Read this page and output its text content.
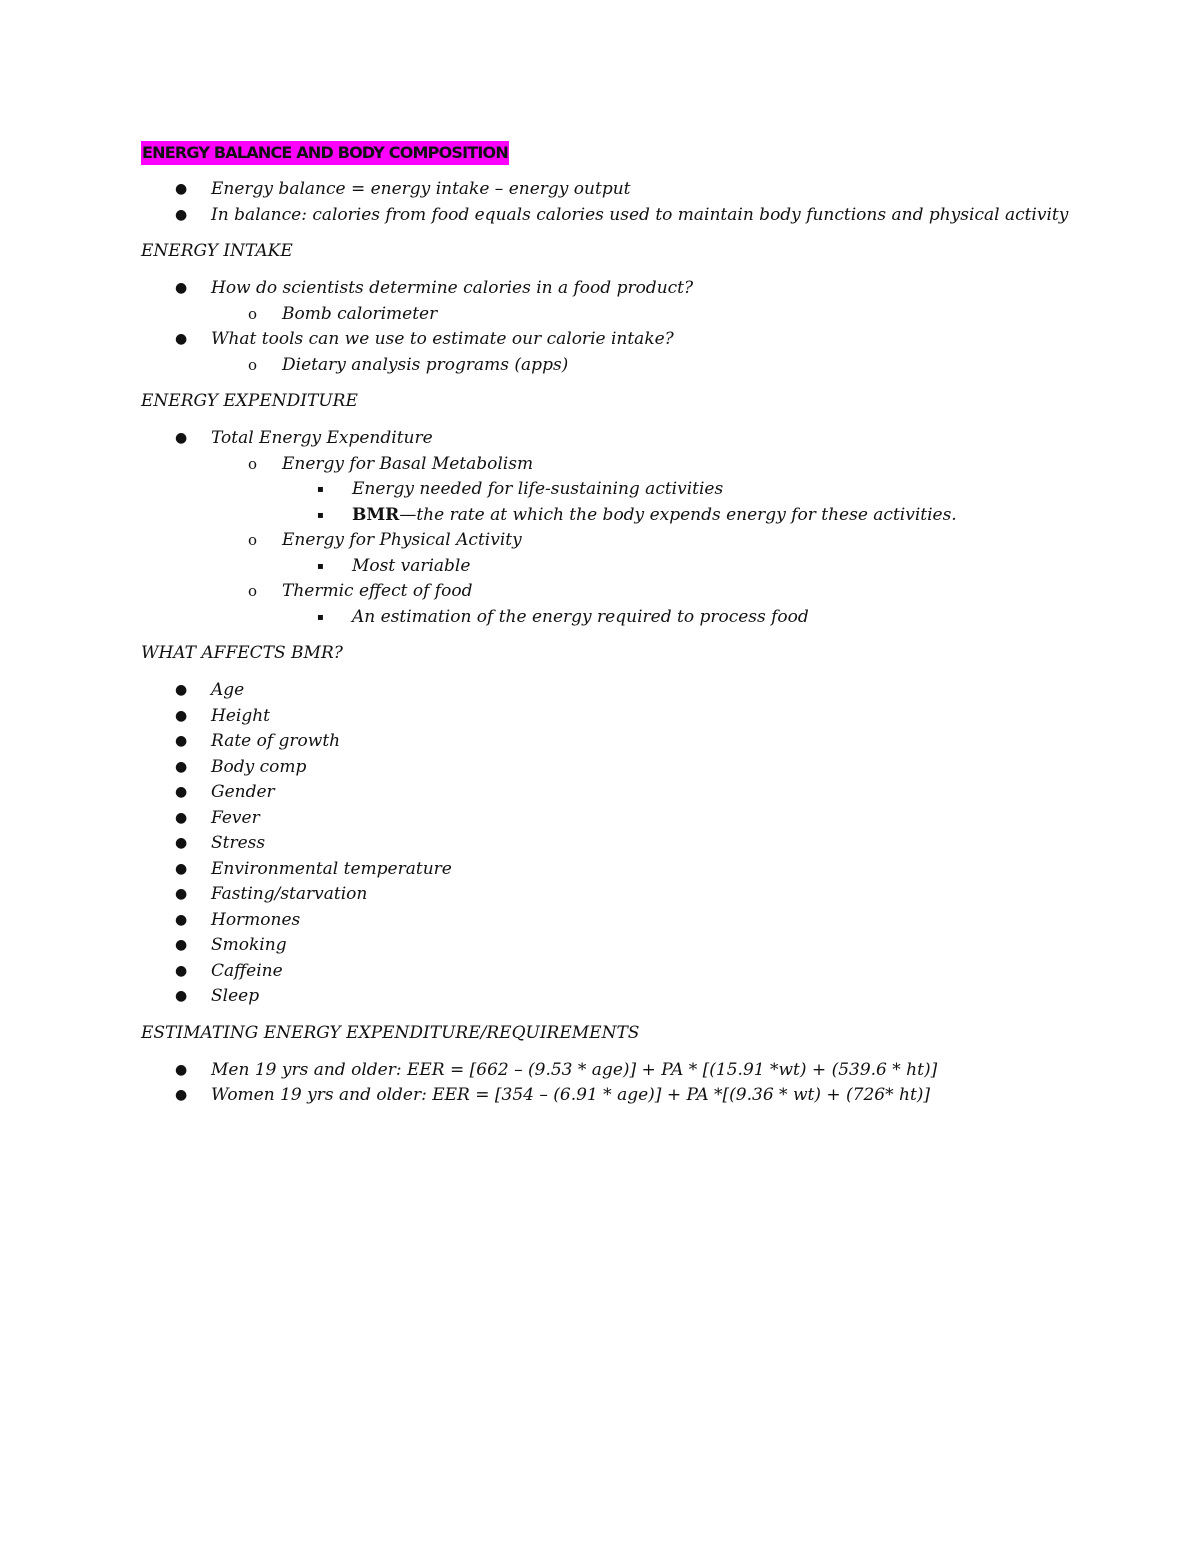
ENERGY BALANCE AND BODY COMPOSITION
● Energy balance = energy intake – energy output
● In balance: calories from food equals calories used to maintain body functions and physical activity
ENERGY INTAKE
● How do scientists determine calories in a food product?
o Bomb calorimeter
● What tools can we use to estimate our calorie intake?
o Dietary analysis programs (apps)
ENERGY EXPENDITURE
● Total Energy Expenditure
o Energy for Basal Metabolism
▪ Energy needed for life-sustaining activities
▪ BMR—the rate at which the body expends energy for these activities.
o Energy for Physical Activity
▪ Most variable
o Thermic effect of food
▪ An estimation of the energy required to process food
WHAT AFFECTS BMR?
● Age
● Height
● Rate of growth
● Body comp
● Gender
● Fever
● Stress
● Environmental temperature
● Fasting/starvation
● Hormones
● Smoking
● Caffeine
● Sleep
ESTIMATING ENERGY EXPENDITURE/REQUIREMENTS
● Men 19 yrs and older: EER = [662 – (9.53 * age)] + PA * [(15.91 *wt) + (539.6 * ht)]
● Women 19 yrs and older: EER = [354 – (6.91 * age)] + PA *[(9.36 * wt) + (726* ht)]
